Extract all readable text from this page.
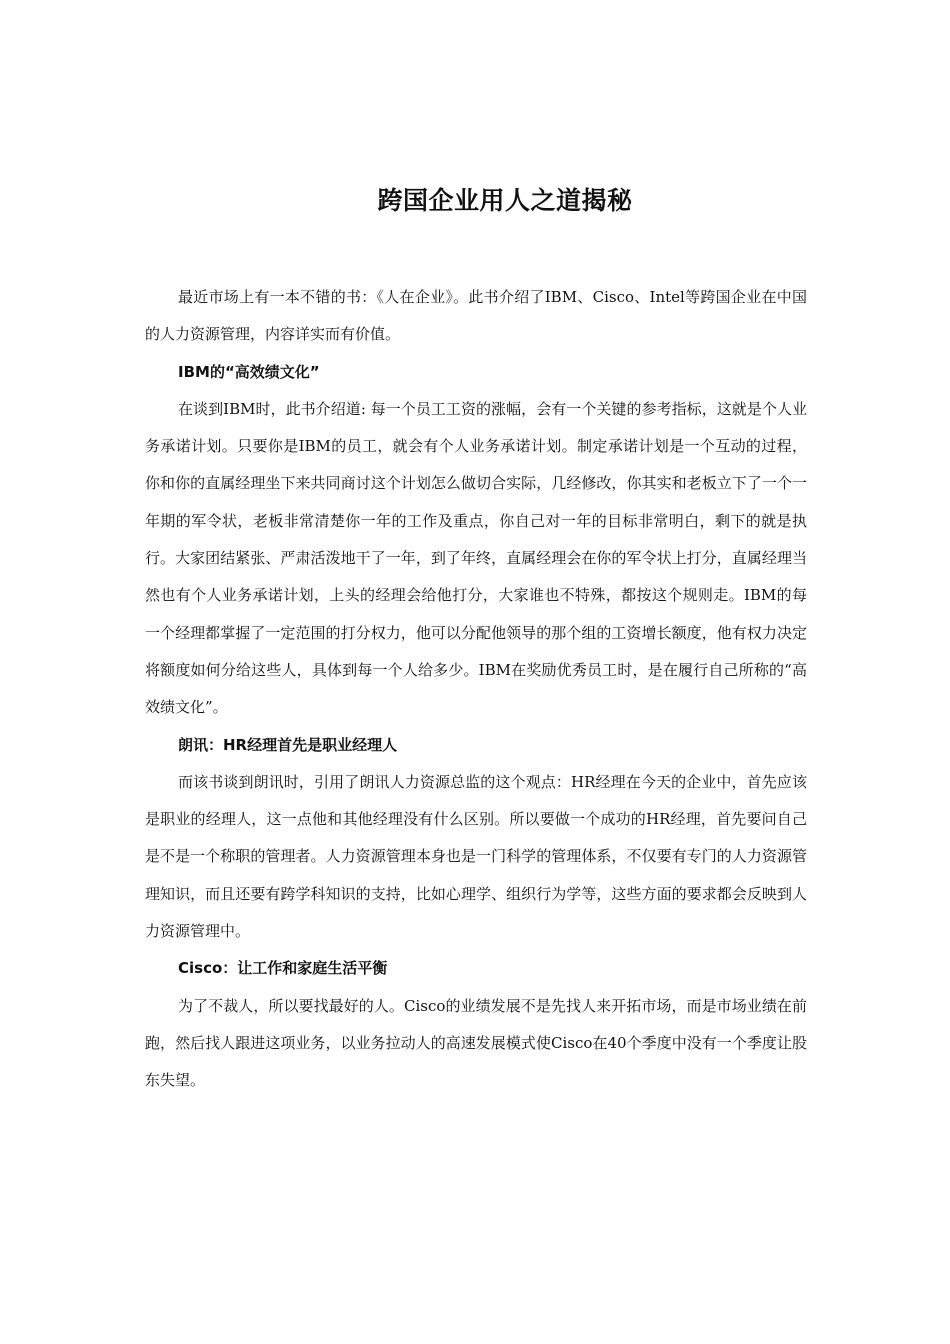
跨国企业用人之道揭秘

最近市场上有一本不错的书：《人在企业》。此书介绍了IBM、Cisco、Intel等跨国企业在中国的人力资源管理，内容详实而有价值。

IBM的“高效绩文化”

在谈到IBM时，此书介绍道: 每一个员工工资的涨幅，会有一个关键的参考指标，这就是个人业务承诺计划。只要你是IBM的员工，就会有个人业务承诺计划。制定承诺计划是一个互动的过程，你和你的直属经理坐下来共同商讨这个计划怎么做切合实际，几经修改，你其实和老板立下了一个一年期的军令状，老板非常清楚你一年的工作及重点，你自己对一年的目标非常明白，剩下的就是执行。大家团结紧张、严肃活泼地干了一年，到了年终，直属经理会在你的军令状上打分，直属经理当然也有个人业务承诺计划，上头的经理会给他打分，大家谁也不特殊，都按这个规则走。IBM的每一个经理都掌握了一定范围的打分权力，他可以分配他领导的那个组的工资增长额度，他有权力决定将额度如何分给这些人，具体到每一个人给多少。IBM在奖励优秀员工时，是在履行自己所称的“高效绩文化”。

朗讯：HR经理首先是职业经理人

而该书谈到朗讯时，引用了朗讯人力资源总监的这个观点：HR经理在今天的企业中，首先应该是职业的经理人，这一点他和其他经理没有什么区别。所以要做一个成功的HR经理，首先要问自己是不是一个称职的管理者。人力资源管理本身也是一门科学的管理体系，不仅要有专门的人力资源管理知识，而且还要有跨学科知识的支持，比如心理学、组织行为学等，这些方面的要求都会反映到人力资源管理中。

Cisco：让工作和家庭生活平衡

为了不裁人，所以要找最好的人。Cisco的业绩发展不是先找人来开拓市场，而是市场业绩在前跑，然后找人跟进这项业务，以业务拉动人的高速发展模式使Cisco在40个季度中没有一个季度让股东失望。
